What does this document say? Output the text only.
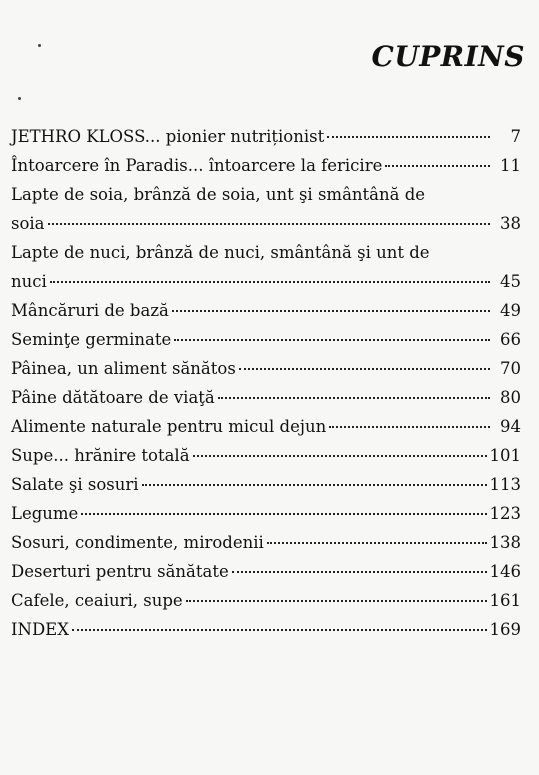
CUPRINS
JETHRO KLOSS... pionier nutriționist	7
Întoarcere în Paradis... întoarcere la fericire	11
Lapte de soia, brânză de soia, unt şi smântână de
soia	38
Lapte de nuci, brânză de nuci, smântână şi unt de
nuci	45
Mâncăruri de bază	49
Seminţe germinate	66
Pâinea, un aliment sănătos	70
Pâine dătătoare de viaţă	80
Alimente naturale pentru micul dejun	94
Supe... hrănire totală	101
Salate şi sosuri	113
Legume	123
Sosuri, condimente, mirodenii	138
Deserturi pentru sănătate	146
Cafele, ceaiuri, supe	161
INDEX	169
